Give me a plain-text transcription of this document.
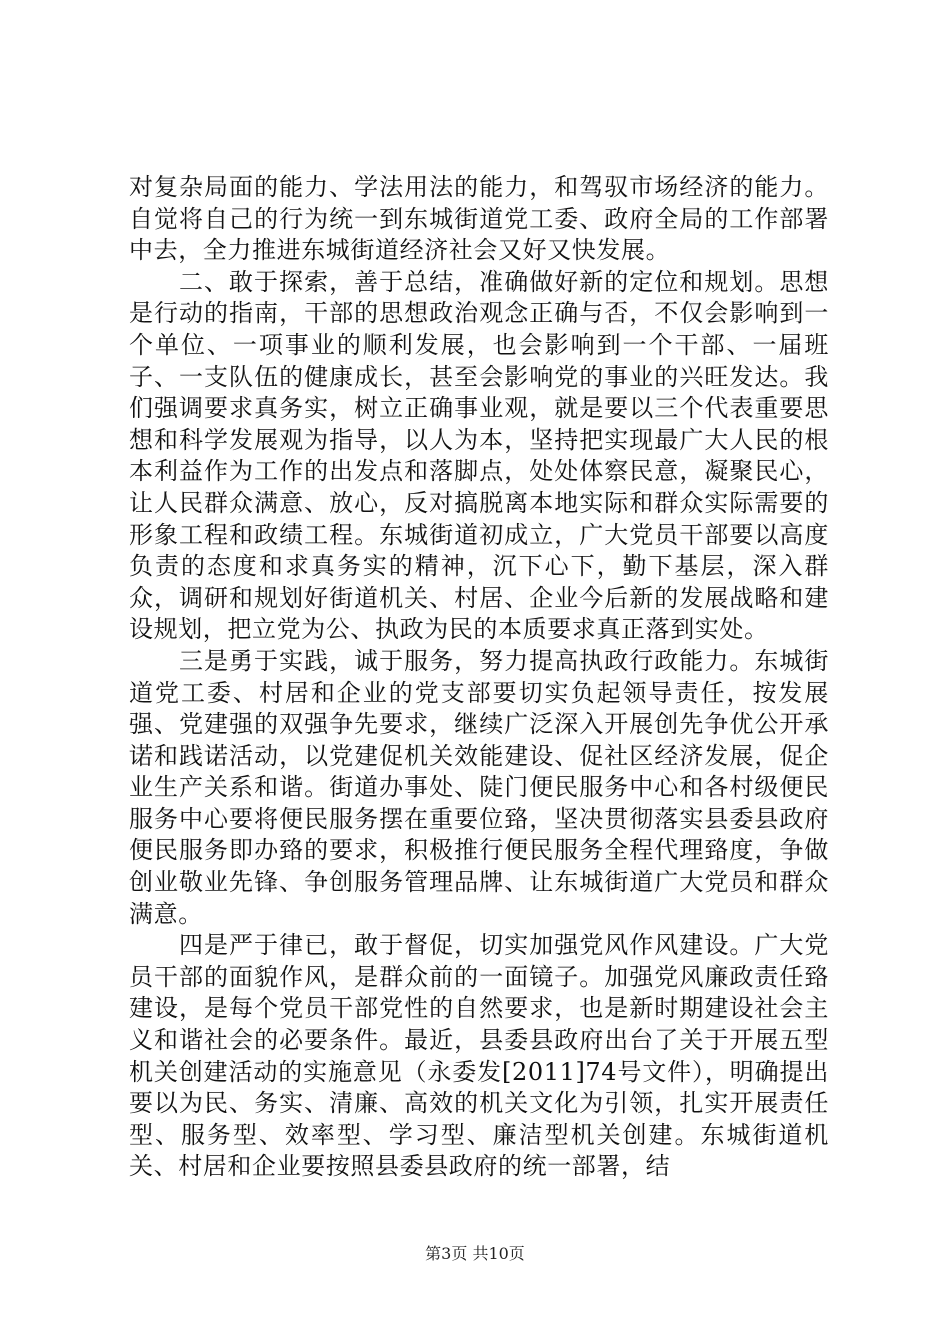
对复杂局面的能力、学法用法的能力，和驾驭市场经济的能力。自觉将自己的行为统一到东城街道党工委、政府全局的工作部署中去，全力推进东城街道经济社会又好又快发展。

二、敢于探索，善于总结，准确做好新的定位和规划。思想是行动的指南，干部的思想政治观念正确与否，不仅会影响到一个单位、一项事业的顺利发展，也会影响到一个干部、一届班子、一支队伍的健康成长，甚至会影响党的事业的兴旺发达。我们强调要求真务实，树立正确事业观，就是要以三个代表重要思想和科学发展观为指导，以人为本，坚持把实现最广大人民的根本利益作为工作的出发点和落脚点，处处体察民意，凝聚民心，让人民群众满意、放心，反对搞脱离本地实际和群众实际需要的形象工程和政绩工程。东城街道初成立，广大党员干部要以高度负责的态度和求真务实的精神，沉下心下，勤下基层，深入群众，调研和规划好街道机关、村居、企业今后新的发展战略和建设规划，把立党为公、执政为民的本质要求真正落到实处。

三是勇于实践，诚于服务，努力提高执政行政能力。东城街道党工委、村居和企业的党支部要切实负起领导责任，按发展强、党建强的双强争先要求，继续广泛深入开展创先争优公开承诺和践诺活动，以党建促机关效能建设、促社区经济发展，促企业生产关系和谐。街道办事处、陡门便民服务中心和各村级便民服务中心要将便民服务摆在重要位臵，坚决贯彻落实县委县政府便民服务即办臵的要求，积极推行便民服务全程代理臵度，争做创业敬业先锋、争创服务管理品牌、让东城街道广大党员和群众满意。

四是严于律已，敢于督促，切实加强党风作风建设。广大党员干部的面貌作风，是群众前的一面镜子。加强党风廉政责任臵建设，是每个党员干部党性的自然要求，也是新时期建设社会主义和谐社会的必要条件。最近，县委县政府出台了关于开展五型机关创建活动的实施意见（永委发[2011]74号文件），明确提出要以为民、务实、清廉、高效的机关文化为引领，扎实开展责任型、服务型、效率型、学习型、廉洁型机关创建。东城街道机关、村居和企业要按照县委县政府的统一部署，结

第3页 共10页
